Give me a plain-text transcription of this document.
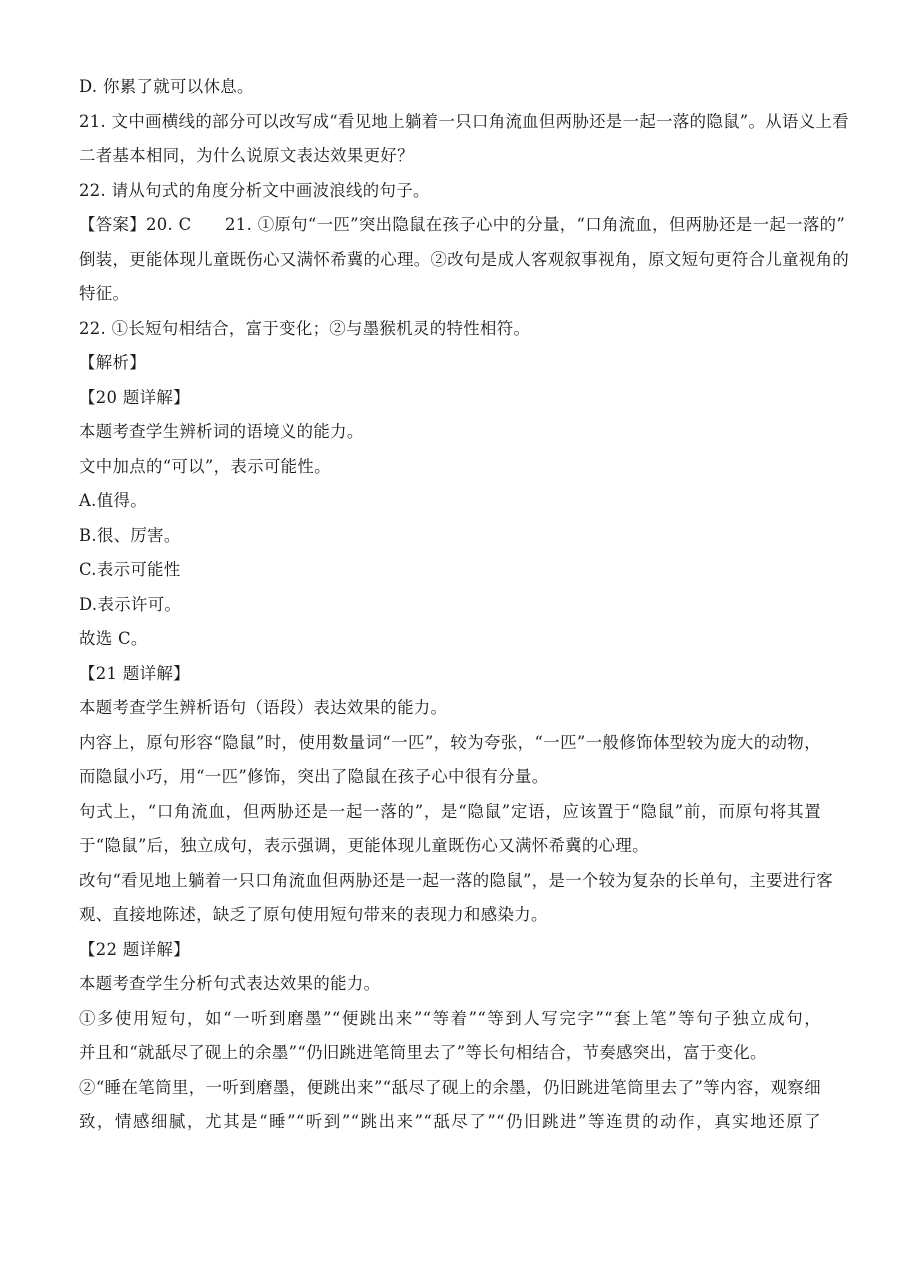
D. 你累了就可以休息。
21. 文中画横线的部分可以改写成“看见地上躺着一只口角流血但两胁还是一起一落的隐鼠”。从语义上看
二者基本相同，为什么说原文表达效果更好？
22. 请从句式的角度分析文中画波浪线的句子。
【答案】20. C　　21. ①原句“一匹”突出隐鼠在孩子心中的分量，“口角流血，但两胁还是一起一落的”
倒装，更能体现儿童既伤心又满怀希冀的心理。②改句是成人客观叙事视角，原文短句更符合儿童视角的
特征。
22. ①长短句相结合，富于变化；②与墨猴机灵的特性相符。
【解析】
【20 题详解】
本题考查学生辨析词的语境义的能力。
文中加点的“可以”，表示可能性。
A.值得。
B.很、厉害。
C.表示可能性
D.表示许可。
故选 C。
【21 题详解】
本题考查学生辨析语句（语段）表达效果的能力。
内容上，原句形容“隐鼠”时，使用数量词“一匹”，较为夸张，“一匹”一般修饰体型较为庞大的动物，
而隐鼠小巧，用“一匹”修饰，突出了隐鼠在孩子心中很有分量。
句式上，“口角流血，但两胁还是一起一落的”，是“隐鼠”定语，应该置于“隐鼠”前，而原句将其置
于“隐鼠”后，独立成句，表示强调，更能体现儿童既伤心又满怀希冀的心理。
改句“看见地上躺着一只口角流血但两胁还是一起一落的隐鼠”，是一个较为复杂的长单句，主要进行客
观、直接地陈述，缺乏了原句使用短句带来的表现力和感染力。
【22 题详解】
本题考查学生分析句式表达效果的能力。
①多使用短句，如“一听到磨墨”“便跳出来”“等着”“等到人写完字”“套上笔”等句子独立成句，
并且和“就舐尽了砚上的余墨”“仍旧跳进笔筒里去了”等长句相结合，节奏感突出，富于变化。
②“睡在笔筒里，一听到磨墨，便跳出来”“舐尽了砚上的余墨，仍旧跳进笔筒里去了”等内容，观察细
致，情感细腻，尤其是“睡”“听到”“跳出来”“舐尽了”“仍旧跳进”等连贯的动作，真实地还原了
